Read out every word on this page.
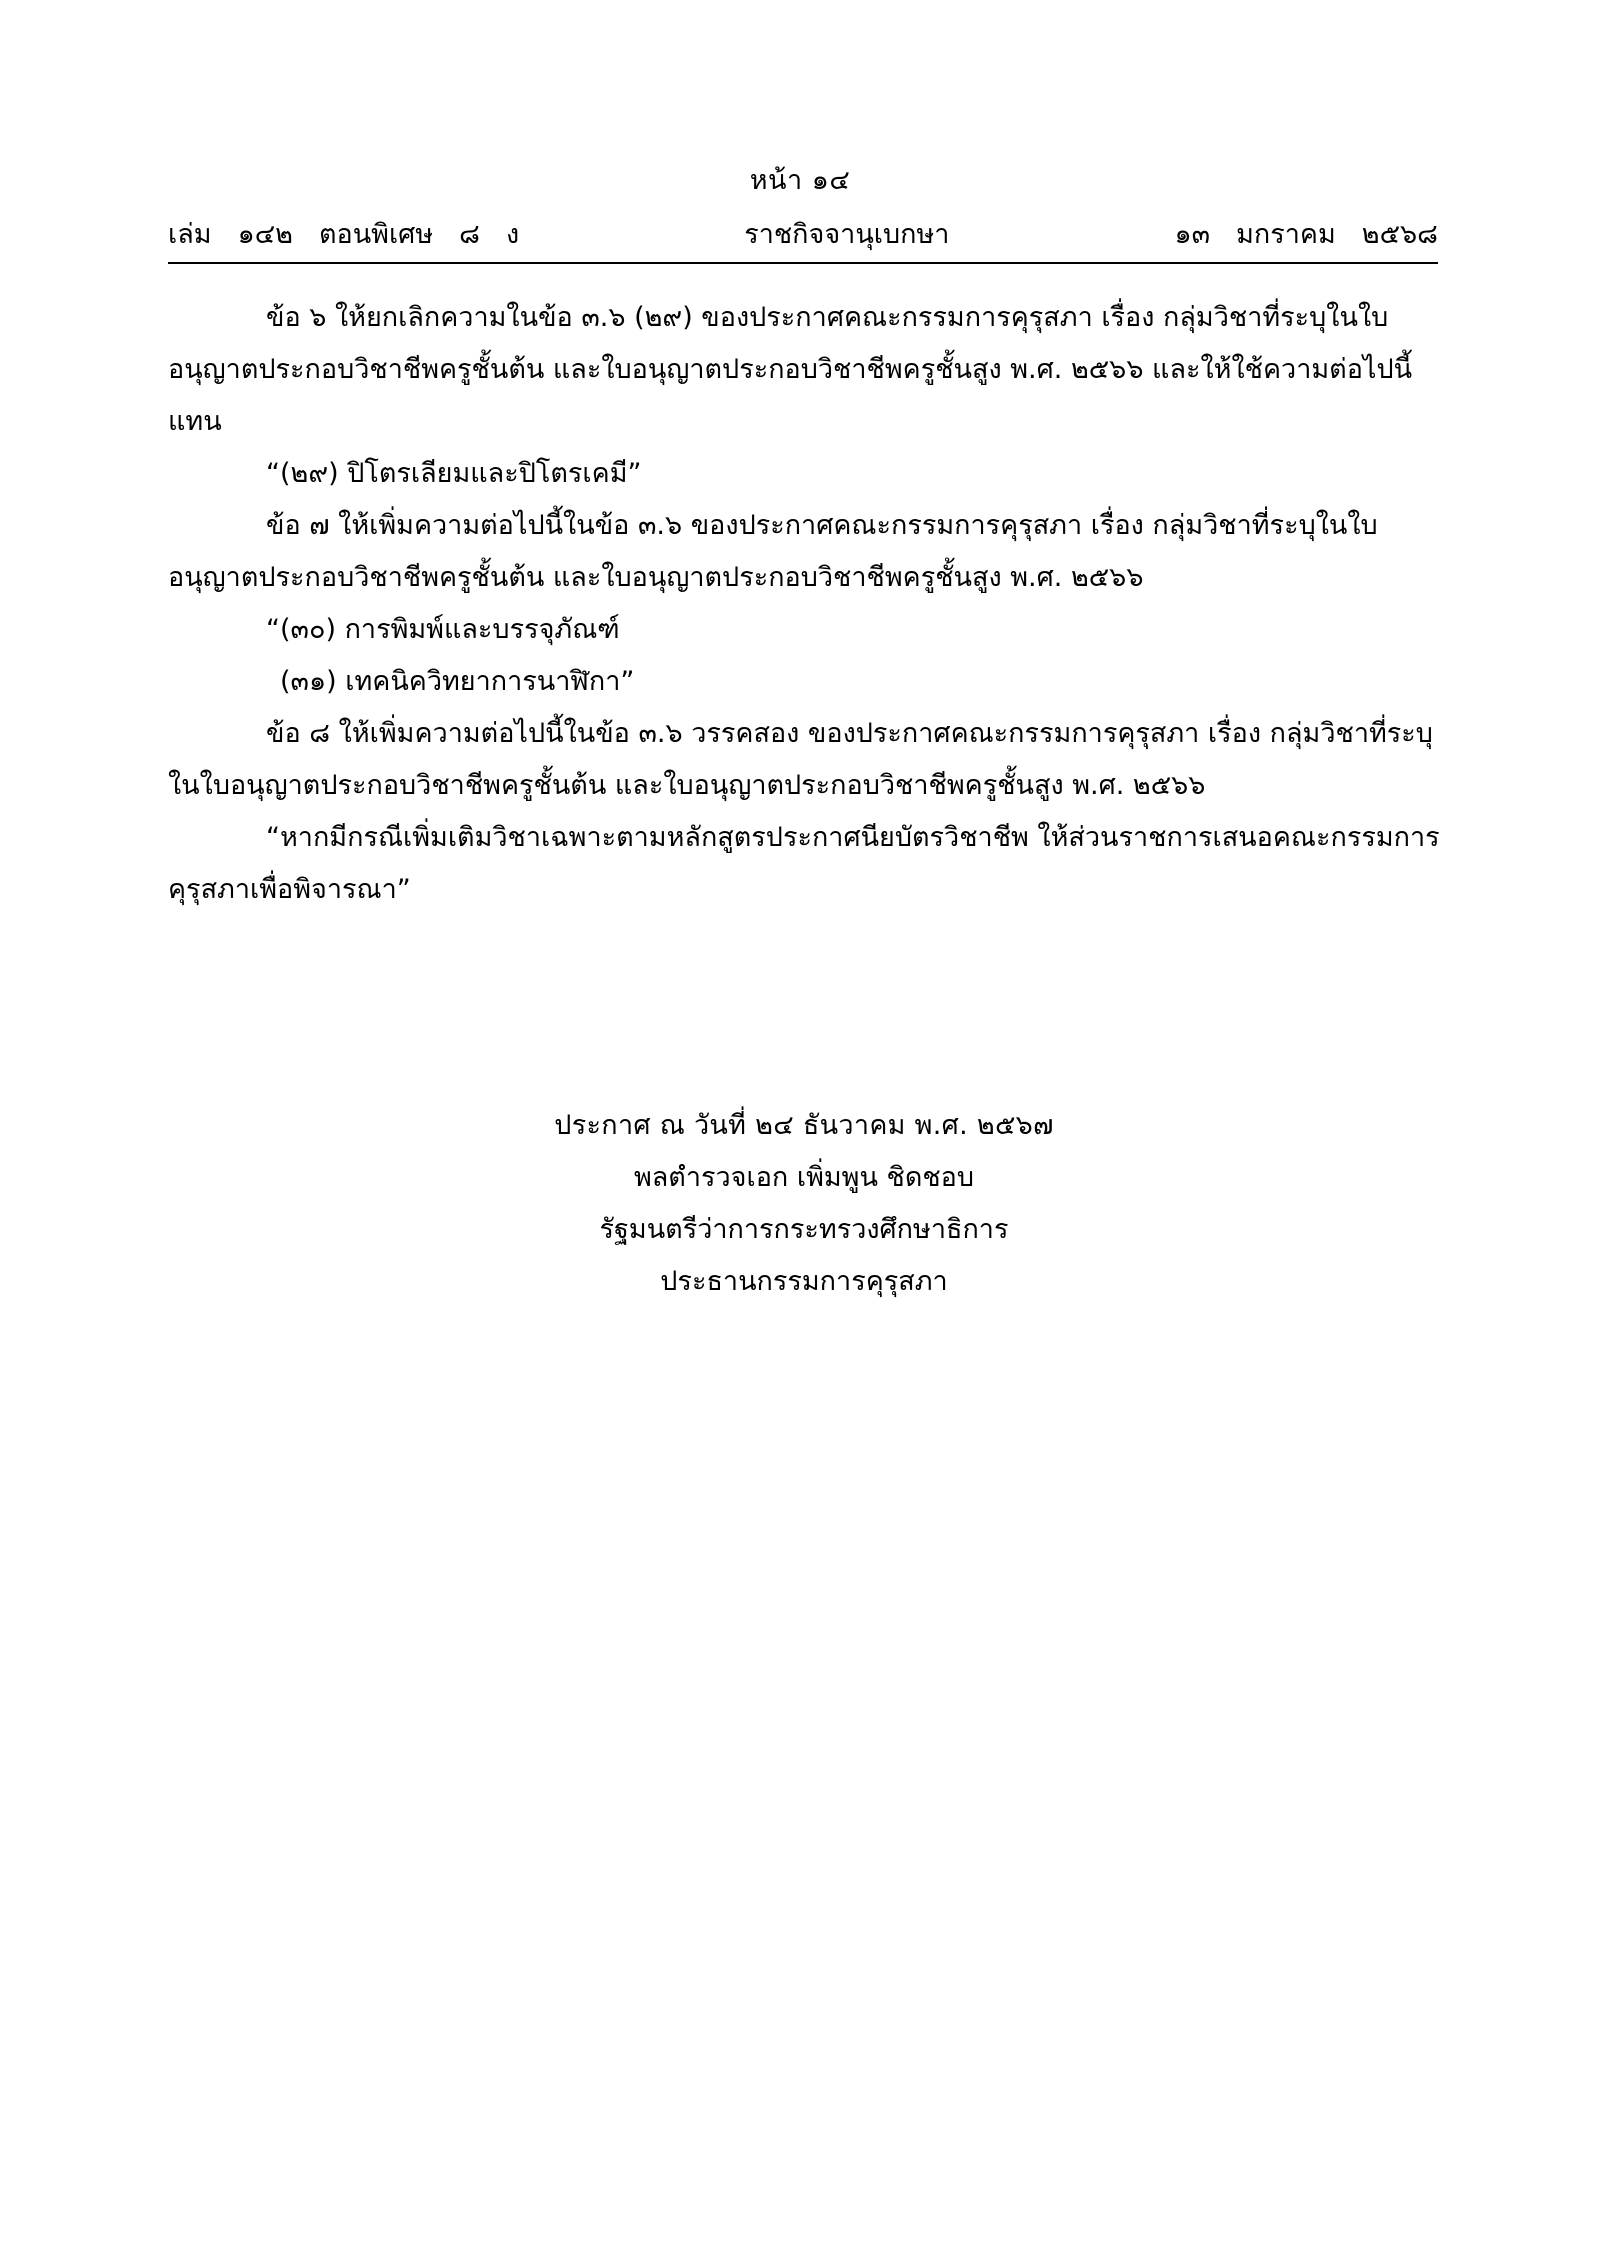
หน้า ๑๔
เล่ม ๑๔๒ ตอนพิเศษ ๘ ง	ราชกิจจานุเบกษา	๑๓ มกราคม ๒๕๖๘

ข้อ ๖ ให้ยกเลิกความในข้อ ๓.๖ (๒๙) ของประกาศคณะกรรมการคุรุสภา เรื่อง กลุ่มวิชาที่ระบุในใบอนุญาตประกอบวิชาชีพครูชั้นต้น และใบอนุญาตประกอบวิชาชีพครูชั้นสูง พ.ศ. ๒๕๖๖ และให้ใช้ความต่อไปนี้แทน

“(๒๙) ปิโตรเลียมและปิโตรเคมี”

ข้อ ๗ ให้เพิ่มความต่อไปนี้ในข้อ ๓.๖ ของประกาศคณะกรรมการคุรุสภา เรื่อง กลุ่มวิชาที่ระบุในใบอนุญาตประกอบวิชาชีพครูชั้นต้น และใบอนุญาตประกอบวิชาชีพครูชั้นสูง พ.ศ. ๒๕๖๖

“(๓๐) การพิมพ์และบรรจุภัณฑ์

(๓๑) เทคนิควิทยาการนาฬิกา”

ข้อ ๘ ให้เพิ่มความต่อไปนี้ในข้อ ๓.๖ วรรคสอง ของประกาศคณะกรรมการคุรุสภา เรื่อง กลุ่มวิชาที่ระบุในใบอนุญาตประกอบวิชาชีพครูชั้นต้น และใบอนุญาตประกอบวิชาชีพครูชั้นสูง พ.ศ. ๒๕๖๖

“หากมีกรณีเพิ่มเติมวิชาเฉพาะตามหลักสูตรประกาศนียบัตรวิชาชีพ ให้ส่วนราชการเสนอคณะกรรมการคุรุสภาเพื่อพิจารณา”

ประกาศ ณ วันที่ ๒๔ ธันวาคม พ.ศ. ๒๕๖๗
พลตำรวจเอก เพิ่มพูน ชิดชอบ
รัฐมนตรีว่าการกระทรวงศึกษาธิการ
ประธานกรรมการคุรุสภา
